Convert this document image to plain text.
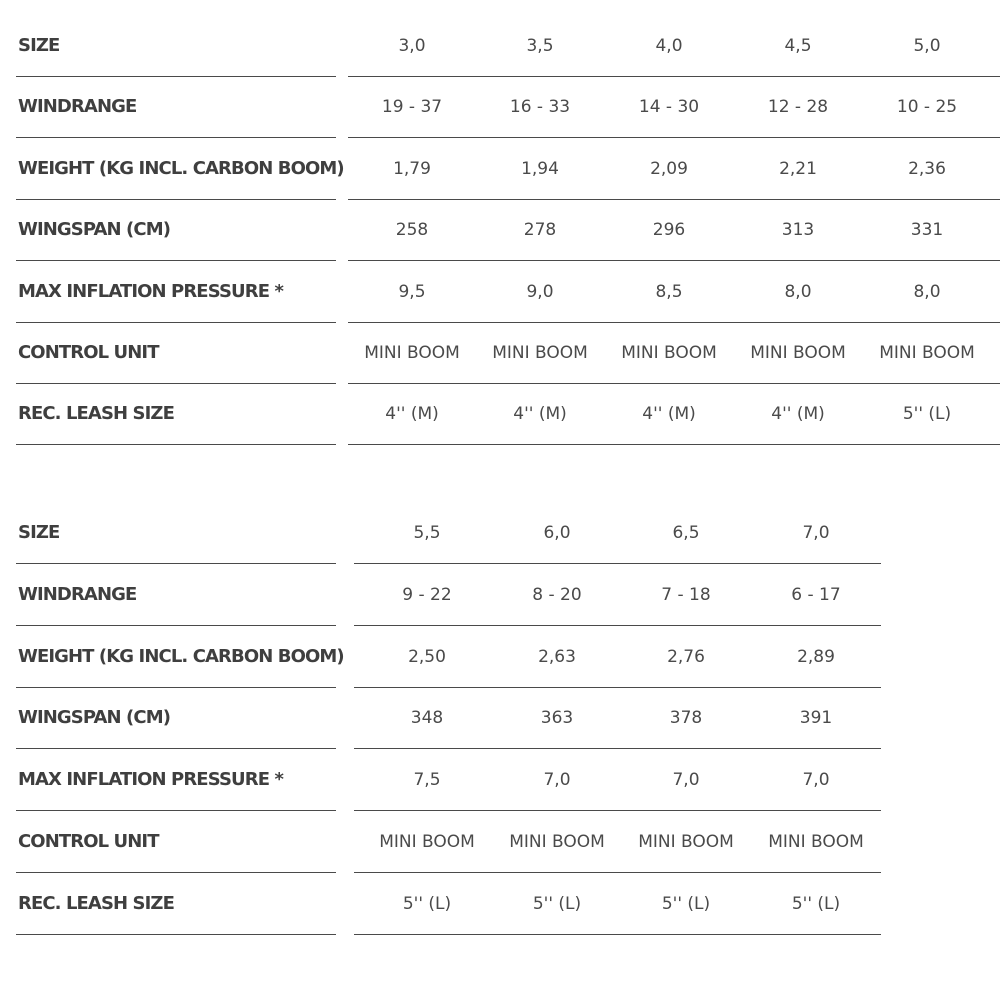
SIZE	3,0	3,5	4,0	4,5	5,0
WINDRANGE	19 - 37	16 - 33	14 - 30	12 - 28	10 - 25
WEIGHT (KG INCL. CARBON BOOM)	1,79	1,94	2,09	2,21	2,36
WINGSPAN (CM)	258	278	296	313	331
MAX INFLATION PRESSURE *	9,5	9,0	8,5	8,0	8,0
CONTROL UNIT	MINI BOOM	MINI BOOM	MINI BOOM	MINI BOOM	MINI BOOM
REC. LEASH SIZE	4'' (M)	4'' (M)	4'' (M)	4'' (M)	5'' (L)
SIZE	5,5	6,0	6,5	7,0
WINDRANGE	9 - 22	8 - 20	7 - 18	6 - 17
WEIGHT (KG INCL. CARBON BOOM)	2,50	2,63	2,76	2,89
WINGSPAN (CM)	348	363	378	391
MAX INFLATION PRESSURE *	7,5	7,0	7,0	7,0
CONTROL UNIT	MINI BOOM	MINI BOOM	MINI BOOM	MINI BOOM
REC. LEASH SIZE	5'' (L)	5'' (L)	5'' (L)	5'' (L)
